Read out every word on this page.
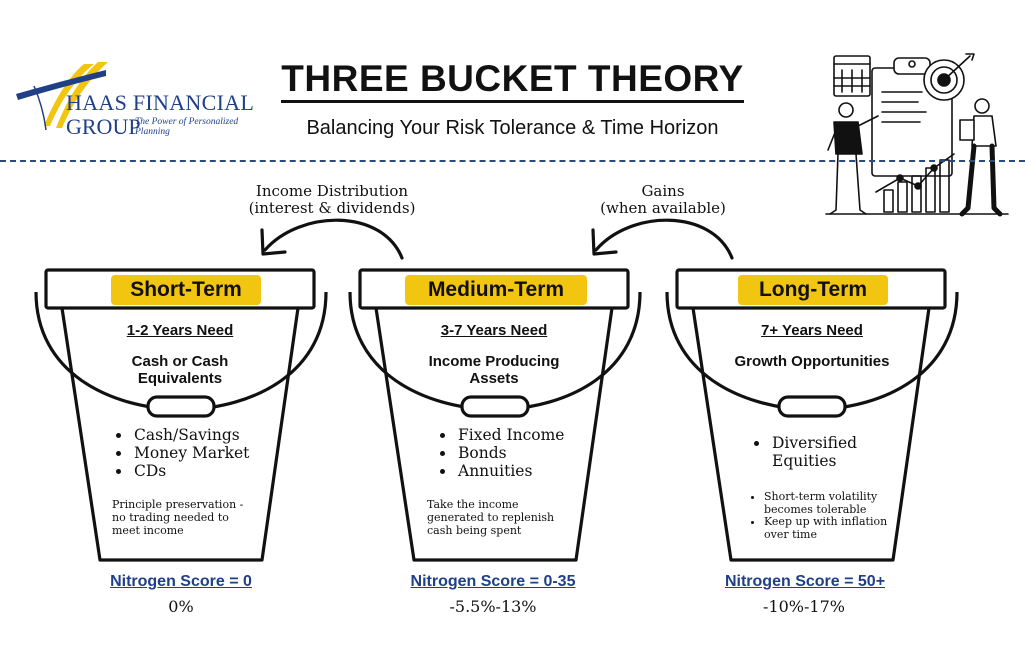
HAAS FINANCIAL
GROUP
The Power of Personalized Planning
THREE BUCKET THEORY
Balancing Your Risk Tolerance & Time Horizon
Income Distribution
(interest & dividends)
Gains
(when available)
Short-Term
1-2 Years Need
Cash or Cash
Equivalents
• Cash/Savings
• Money Market
• CDs
Principle preservation - no trading needed to meet income
Nitrogen Score = 0
0%
Medium-Term
3-7 Years Need
Income Producing
Assets
• Fixed Income
• Bonds
• Annuities
Take the income generated to replenish cash being spent
Nitrogen Score = 0-35
-5.5%-13%
Long-Term
7+ Years Need
Growth Opportunities
• Diversified Equities
• Short-term volatility becomes tolerable
• Keep up with inflation over time
Nitrogen Score = 50+
-10%-17%
